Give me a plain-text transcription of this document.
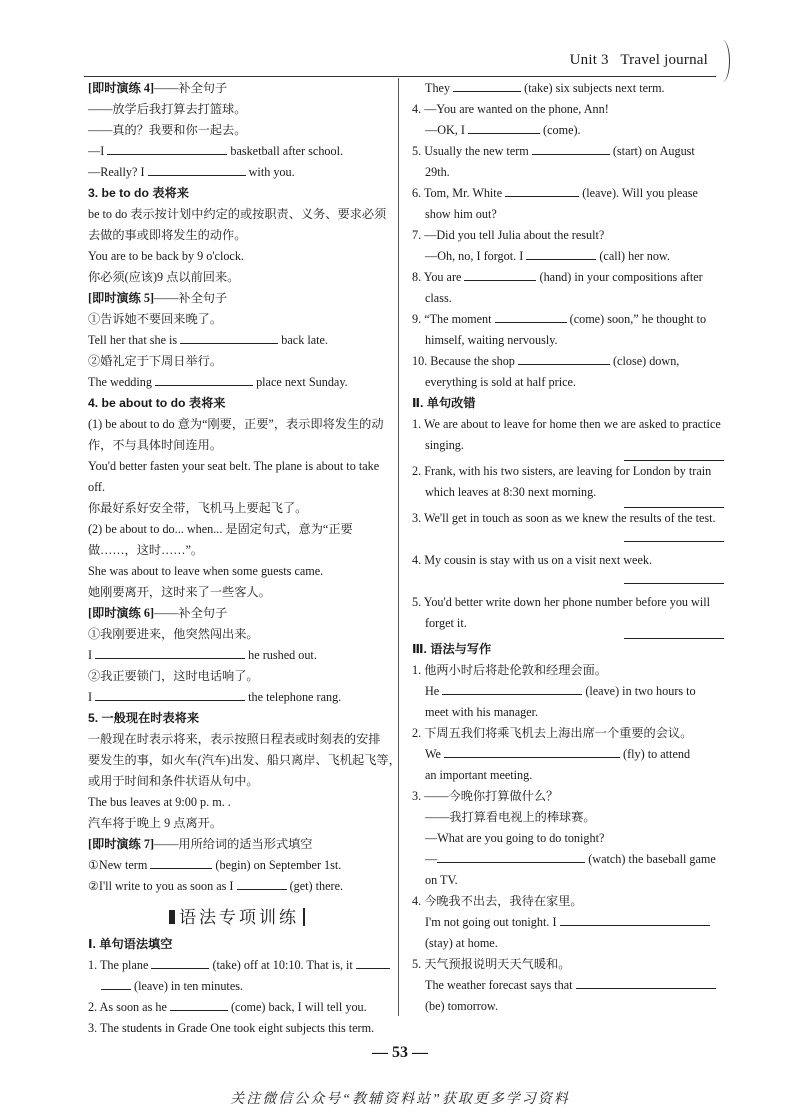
Unit 3 Travel journal
[即时演练 4]——补全句子
——放学后我打算去打篮球。
——真的？我要和你一起去。
—I	basketball after school.
—Really? I	with you.
3. be to do 表将来
be to do 表示按计划中约定的或按职责、义务、要求必须
去做的事或即将发生的动作。
You are to be back by 9 o'clock.
你必须(应该)9 点以前回来。
[即时演练 5]——补全句子
①告诉她不要回来晚了。
Tell her that she is	back late.
②婚礼定于下周日举行。
The wedding	place next Sunday.
4. be about to do 表将来
(1) be about to do 意为“刚要，正要”，表示即将发生的动
作，不与具体时间连用。
You'd better fasten your seat belt. The plane is about to take
off.
你最好系好安全带，飞机马上要起飞了。
(2) be about to do... when... 是固定句式，意为“正要
做……，这时……”。
She was about to leave when some guests came.
她刚要离开，这时来了一些客人。
[即时演练 6]——补全句子
①我刚要进来，他突然闯出来。
I	he rushed out.
②我正要锁门，这时电话响了。
I	the telephone rang.
5. 一般现在时表将来
一般现在时表示将来，表示按照日程表或时刻表的安排
要发生的事，如火车(汽车)出发、船只离岸、飞机起飞等，
或用于时间和条件状语从句中。
The bus leaves at 9:00 p. m. .
汽车将于晚上 9 点离开。
[即时演练 7]——用所给词的适当形式填空
①New term	(begin) on September 1st.
②I'll write to you as soon as I	(get) there.
语法专项训练
Ⅰ. 单句语法填空
1. The plane	(take) off at 10:10. That is, it
(leave) in ten minutes.
2. As soon as he	(come) back, I will tell you.
3. The students in Grade One took eight subjects this term.
They	(take) six subjects next term.
4. —You are wanted on the phone, Ann!
—OK, I	(come).
5. Usually the new term	(start) on August
29th.
6. Tom, Mr. White	(leave). Will you please
show him out?
7. —Did you tell Julia about the result?
—Oh, no, I forgot. I	(call) her now.
8. You are	(hand) in your compositions after
class.
9. “The moment	(come) soon,” he thought to
himself, waiting nervously.
10. Because the shop	(close) down,
everything is sold at half price.
Ⅱ. 单句改错
1. We are about to leave for home then we are asked to practice
singing.
2. Frank, with his two sisters, are leaving for London by train
which leaves at 8:30 next morning.
3. We'll get in touch as soon as we knew the results of the test.
4. My cousin is stay with us on a visit next week.
5. You'd better write down her phone number before you will
forget it.
Ⅲ. 语法与写作
1. 他两小时后将赴伦敦和经理会面。
He	(leave) in two hours to
meet with his manager.
2. 下周五我们将乘飞机去上海出席一个重要的会议。
We	(fly) to attend
an important meeting.
3. ——今晚你打算做什么？
——我打算看电视上的棒球赛。
—What are you going to do tonight?
—	(watch) the baseball game
on TV.
4. 今晚我不出去，我待在家里。
I'm not going out tonight. I
(stay) at home.
5. 天气预报说明天天气暖和。
The weather forecast says that
(be) tomorrow.
— 53 —
关注微信公众号“教辅资料站”获取更多学习资料
